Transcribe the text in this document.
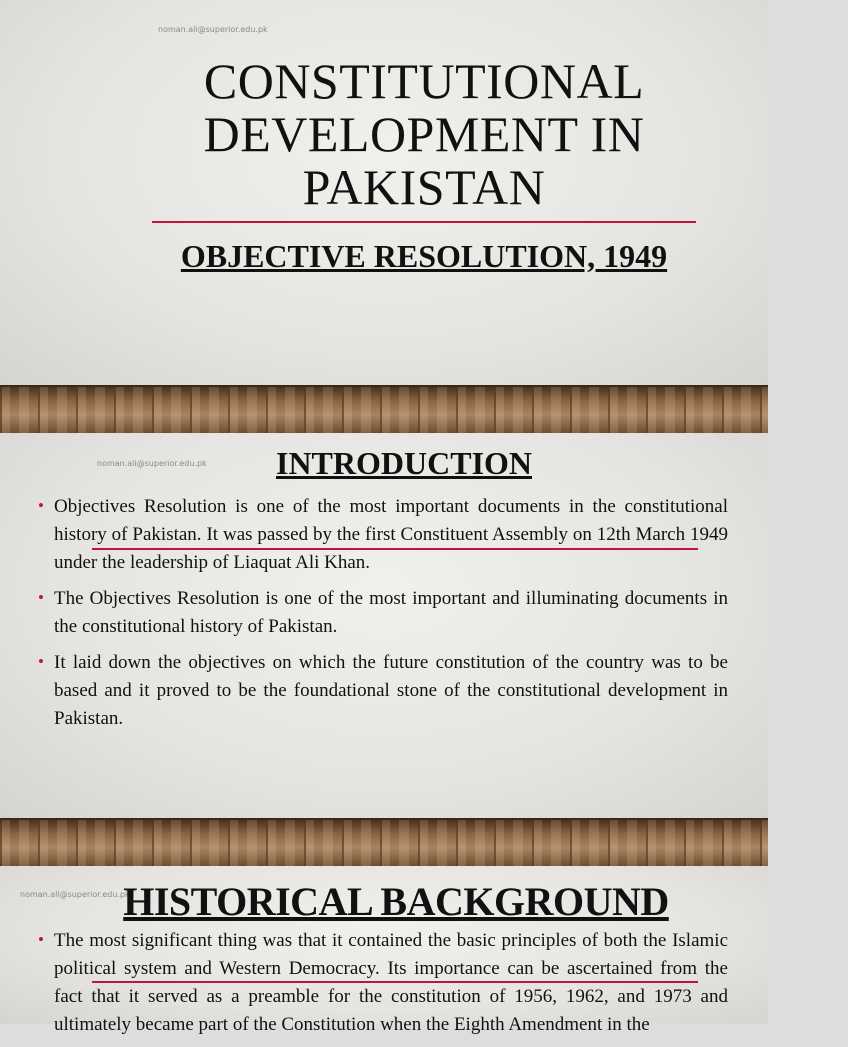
noman.ali@superior.edu.pk
CONSTITUTIONAL DEVELOPMENT IN PAKISTAN
OBJECTIVE RESOLUTION, 1949
noman.ali@superior.edu.pk	INTRODUCTION
• Objectives Resolution is one of the most important documents in the constitutional history of Pakistan. It was passed by the first Constituent Assembly on 12th March 1949 under the leadership of Liaquat Ali Khan.
• The Objectives Resolution is one of the most important and illuminating documents in the constitutional history of Pakistan.
• It laid down the objectives on which the future constitution of the country was to be based and it proved to be the foundational stone of the constitutional development in Pakistan.
noman.ali@superior.edu.pk
HISTORICAL BACKGROUND
• The most significant thing was that it contained the basic principles of both the Islamic political system and Western Democracy. Its importance can be ascertained from the fact that it served as a preamble for the constitution of 1956, 1962, and 1973 and ultimately became part of the Constitution when the Eighth Amendment in the
